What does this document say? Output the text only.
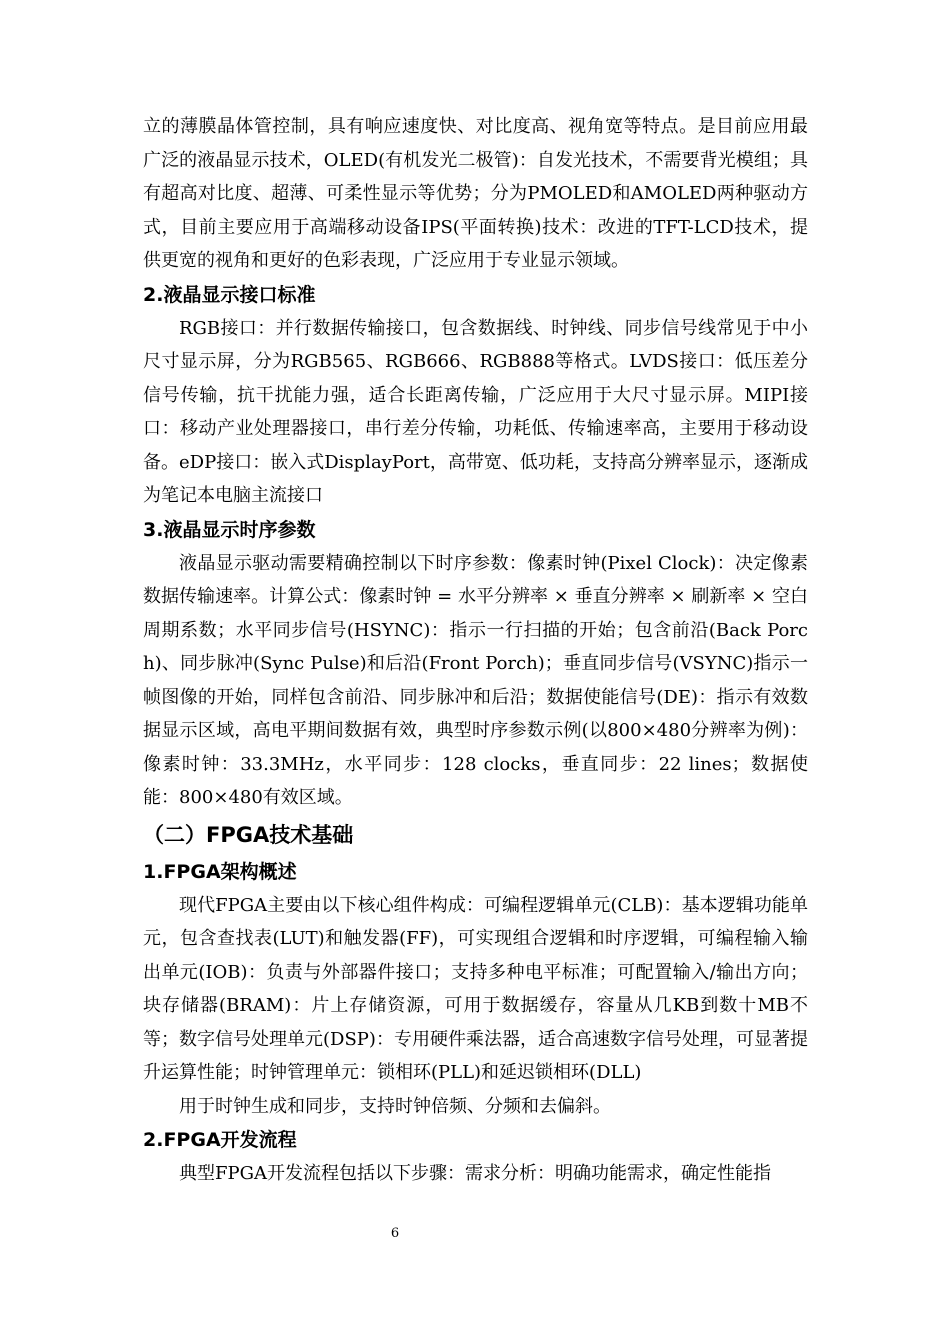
立的薄膜晶体管控制，具有响应速度快、对比度高、视角宽等特点。是目前应用最广泛的液晶显示技术，OLED(有机发光二极管)：自发光技术，不需要背光模组；具有超高对比度、超薄、可柔性显示等优势；分为PMOLED和AMOLED两种驱动方式，目前主要应用于高端移动设备IPS(平面转换)技术：改进的TFT-LCD技术，提供更宽的视角和更好的色彩表现，广泛应用于专业显示领域。

2.液晶显示接口标准

RGB接口：并行数据传输接口，包含数据线、时钟线、同步信号线常见于中小尺寸显示屏，分为RGB565、RGB666、RGB888等格式。LVDS接口：低压差分信号传输，抗干扰能力强，适合长距离传输，广泛应用于大尺寸显示屏。MIPI接口：移动产业处理器接口，串行差分传输，功耗低、传输速率高，主要用于移动设备。eDP接口：嵌入式DisplayPort，高带宽、低功耗，支持高分辨率显示，逐渐成为笔记本电脑主流接口

3.液晶显示时序参数

液晶显示驱动需要精确控制以下时序参数：像素时钟(Pixel Clock)：决定像素数据传输速率。计算公式：像素时钟 = 水平分辨率 × 垂直分辨率 × 刷新率 × 空白周期系数；水平同步信号(HSYNC)：指示一行扫描的开始；包含前沿(Back Porch)、同步脉冲(Sync Pulse)和后沿(Front Porch)；垂直同步信号(VSYNC)指示一帧图像的开始，同样包含前沿、同步脉冲和后沿；数据使能信号(DE)：指示有效数据显示区域，高电平期间数据有效，典型时序参数示例(以800×480分辨率为例)：像素时钟：33.3MHz，水平同步：128 clocks，垂直同步：22 lines；数据使能：800×480有效区域。

（二）FPGA技术基础
1.FPGA架构概述

现代FPGA主要由以下核心组件构成：可编程逻辑单元(CLB)：基本逻辑功能单元，包含查找表(LUT)和触发器(FF)，可实现组合逻辑和时序逻辑，可编程输入输出单元(IOB)：负责与外部器件接口；支持多种电平标准；可配置输入/输出方向；块存储器(BRAM)：片上存储资源，可用于数据缓存，容量从几KB到数十MB不等；数字信号处理单元(DSP)：专用硬件乘法器，适合高速数字信号处理，可显著提升运算性能；时钟管理单元：锁相环(PLL)和延迟锁相环(DLL)

用于时钟生成和同步，支持时钟倍频、分频和去偏斜。

2.FPGA开发流程

典型FPGA开发流程包括以下步骤：需求分析：明确功能需求，确定性能指

6
